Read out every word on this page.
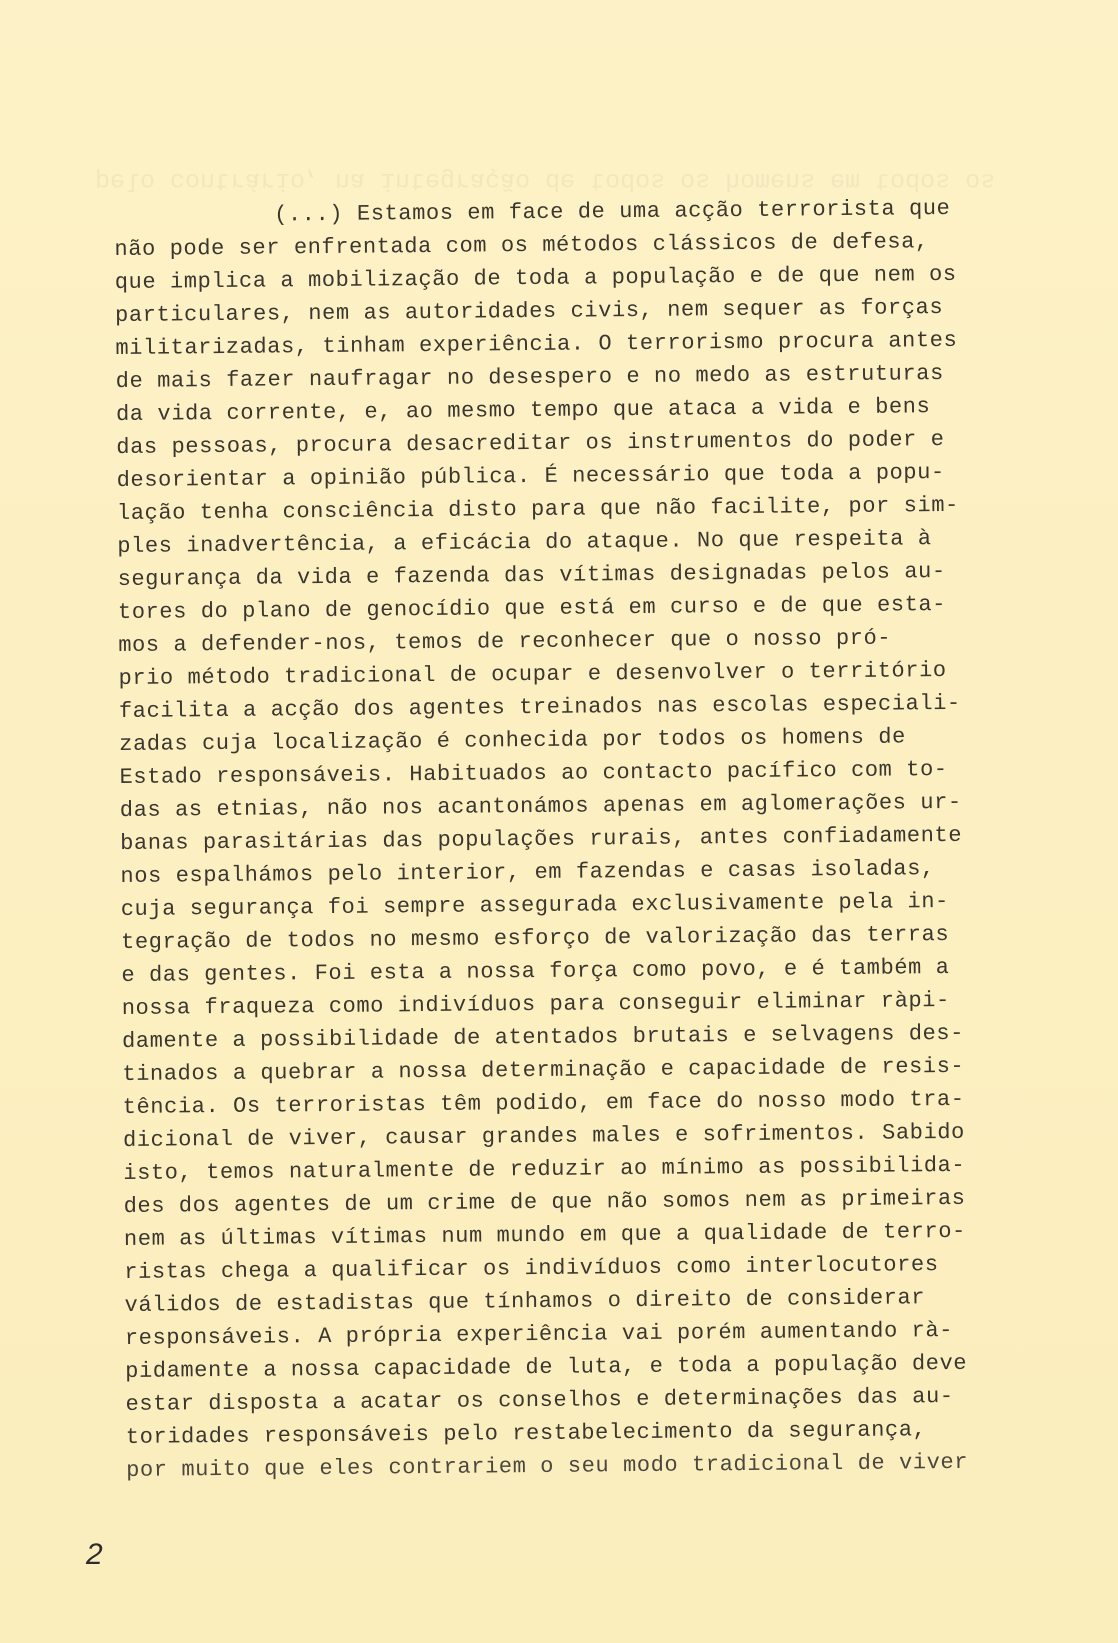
pelo contrário, na integração de todos os homens em todos os
(...) Estamos em face de uma acção terrorista que
não pode ser enfrentada com os métodos clássicos de defesa,
que implica a mobilização de toda a população e de que nem os
particulares, nem as autoridades civis, nem sequer as forças
militarizadas, tinham experiência. O terrorismo procura antes
de mais fazer naufragar no desespero e no medo as estruturas
da vida corrente, e, ao mesmo tempo que ataca a vida e bens
das pessoas, procura desacreditar os instrumentos do poder e
desorientar a opinião pública. É necessário que toda a popu-
lação tenha consciência disto para que não facilite, por sim-
ples inadvertência, a eficácia do ataque. No que respeita à
segurança da vida e fazenda das vítimas designadas pelos au-
tores do plano de genocídio que está em curso e de que esta-
mos a defender-nos, temos de reconhecer que o nosso pró-
prio método tradicional de ocupar e desenvolver o território
facilita a acção dos agentes treinados nas escolas especiali-
zadas cuja localização é conhecida por todos os homens de
Estado responsáveis. Habituados ao contacto pacífico com to-
das as etnias, não nos acantonámos apenas em aglomerações ur-
banas parasitárias das populações rurais, antes confiadamente
nos espalhámos pelo interior, em fazendas e casas isoladas,
cuja segurança foi sempre assegurada exclusivamente pela in-
tegração de todos no mesmo esforço de valorização das terras
e das gentes. Foi esta a nossa força como povo, e é também a
nossa fraqueza como indivíduos para conseguir eliminar ràpi-
damente a possibilidade de atentados brutais e selvagens des-
tinados a quebrar a nossa determinação e capacidade de resis-
tência. Os terroristas têm podido, em face do nosso modo tra-
dicional de viver, causar grandes males e sofrimentos. Sabido
isto, temos naturalmente de reduzir ao mínimo as possibilida-
des dos agentes de um crime de que não somos nem as primeiras
nem as últimas vítimas num mundo em que a qualidade de terro-
ristas chega a qualificar os indivíduos como interlocutores
válidos de estadistas que tínhamos o direito de considerar
responsáveis. A própria experiência vai porém aumentando rà-
pidamente a nossa capacidade de luta, e toda a população deve
estar disposta a acatar os conselhos e determinações das au-
toridades responsáveis pelo restabelecimento da segurança,
por muito que eles contrariem o seu modo tradicional de viver
2
